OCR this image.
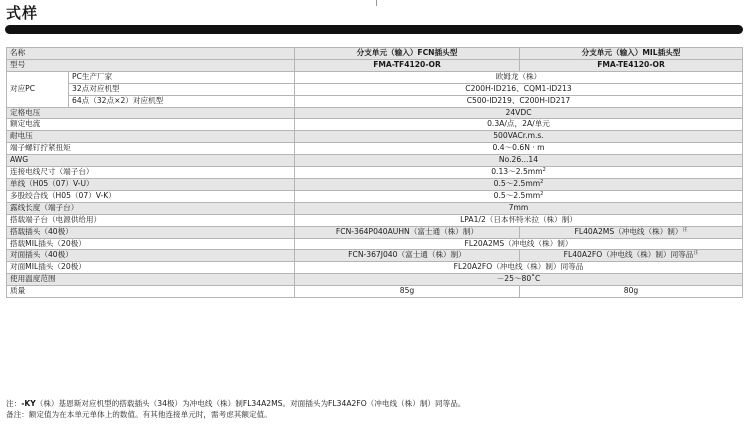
式样
名称		分支单元（输入）FCN插头型	分支单元（输入）MIL插头型
型号		FMA-TF4120-OR	FMA-TE4120-OR
对应PC	PC生产厂家	欧姆龙（株）	
	32点对应机型	C200H-ID216、CQM1-ID213	
	64点（32点×2）对应机型	C500-ID219、C200H-ID217	
定格电压		24VDC	
额定电流		0.3A/点，2A/单元	
耐电压		500VACr.m.s.	
端子螺钉拧紧扭矩		0.4～0.6N · m	
AWG		No.26...14	
连接电线尺寸（端子台）		$0.13\sim 2.5mm^2$
单线（H05（07）V-U）		$0.5\sim 2.5mm^2$
多股绞合线（H05（07）V-K）		$0.5\sim 2.5mm^2$
露线长度（端子台）		7mm	
搭载端子台（电源供给用）		LPA1/2（日本怀特米拉（株）制）	
搭载插头（40极）		FCN-364P040AUHN（富士通（株）制）	FL40A2MS（冲电线（株）制）$^注$
搭载MIL插头（20极）		FL20A2MS（冲电线（株）制）	
对面插头（40极）		FCN-367J040（富士通（株）制）	FL40A2FO（冲电线（株）制）同等品$^注$
对面MIL插头（20极）		FL20A2FO（冲电线（株）制）同等品	
使用温度范围		－25～80˚C	
质量		85g	80g
注：-KY（株）基恩斯对应机型的搭载插头（34极）为冲电线（株）制FL34A2MS。对面插头为FL34A2FO（冲电线（株）制）同等品。
备注：额定值为在本单元单体上的数值。有其他连接单元时，需考虑其额定值。
